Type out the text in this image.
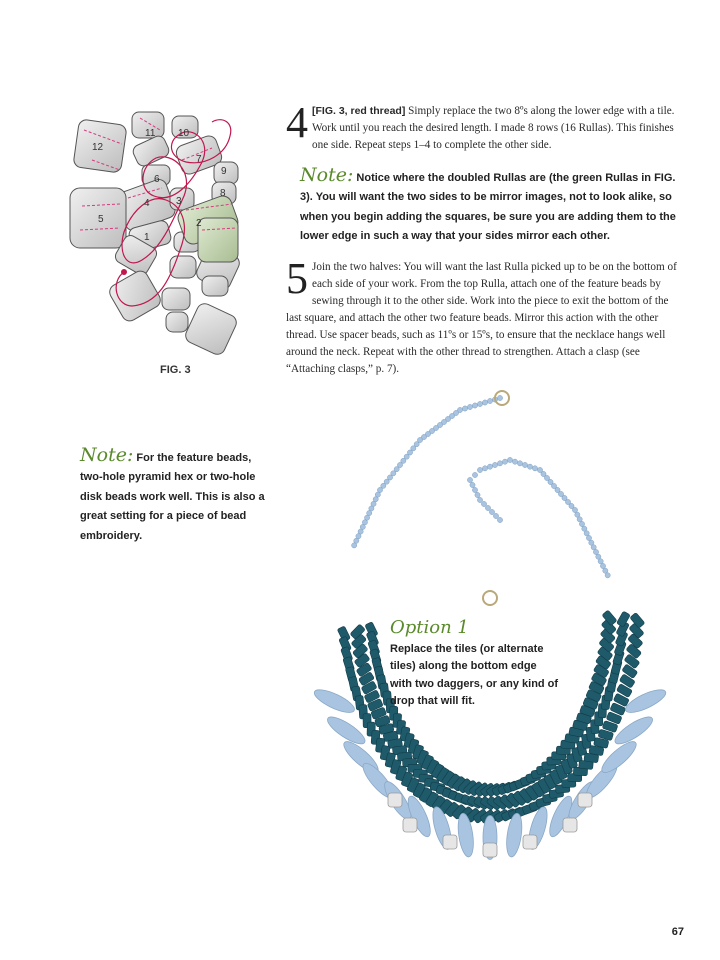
12
11 10
7
9
8
6
4	3
5	2
1
FIG. 3
4 [FIG. 3, red thread] Simply replace the two 8ºs along the lower edge with a tile. Work until you reach the desired length. I made 8 rows (16 Rullas). This finishes one side. Repeat steps 1–4 to complete the other side.
Note: Notice where the doubled Rullas are (the green Rullas in FIG. 3). You will want the two sides to be mirror images, not to look alike, so when you begin adding the squares, be sure you are adding them to the lower edge in such a way that your sides mirror each other.
5 Join the two halves: You will want the last Rulla picked up to be on the bottom of each side of your work. From the top Rulla, attach one of the feature beads by sewing through it to the other side. Work into the piece to exit the bottom of the last square, and attach the other two feature beads. Mirror this action with the other thread. Use spacer beads, such as 11ºs or 15ºs, to ensure that the necklace hangs well around the neck. Repeat with the other thread to strengthen. Attach a clasp (see “Attaching clasps,” p. 7).
Note: For the feature beads, two-hole pyramid hex or two-hole disk beads work well. This is also a great setting for a piece of bead embroidery.
Option 1
Replace the tiles (or alternate tiles) along the bottom edge with two daggers, or any kind of drop that will fit.
67
